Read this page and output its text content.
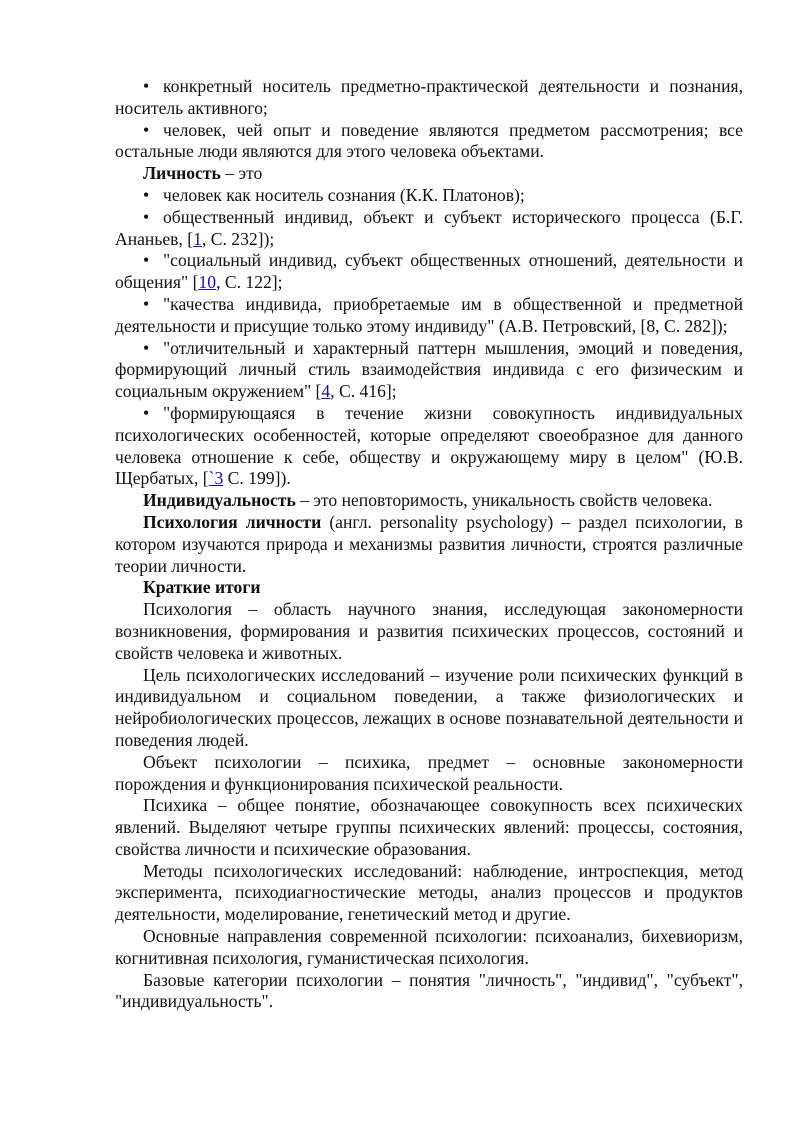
• конкретный носитель предметно-практической деятельности и познания, носитель активного;

• человек, чей опыт и поведение являются предметом рассмотрения; все остальные люди являются для этого человека объектами.

Личность – это

• человек как носитель сознания (К.К. Платонов);

• общественный индивид, объект и субъект исторического процесса (Б.Г. Ананьев, [1, С. 232]);

• "социальный индивид, субъект общественных отношений, деятельности и общения" [10, С. 122];

• "качества индивида, приобретаемые им в общественной и предметной деятельности и присущие только этому индивиду" (А.В. Петровский, [8, С. 282]);

• "отличительный и характерный паттерн мышления, эмоций и поведения, формирующий личный стиль взаимодействия индивида с его физическим и социальным окружением" [4, С. 416];

• "формирующаяся в течение жизни совокупность индивидуальных психологических особенностей, которые определяют своеобразное для данного человека отношение к себе, обществу и окружающему миру в целом" (Ю.В. Щербатых, [`3 С. 199]).

Индивидуальность – это неповторимость, уникальность свойств человека.

Психология личности (англ. personality psychology) – раздел психологии, в котором изучаются природа и механизмы развития личности, строятся различные теории личности.

Краткие итоги

Психология – область научного знания, исследующая закономерности возникновения, формирования и развития психических процессов, состояний и свойств человека и животных.

Цель психологических исследований – изучение роли психических функций в индивидуальном и социальном поведении, а также физиологических и нейробиологических процессов, лежащих в основе познавательной деятельности и поведения людей.

Объект психологии – психика, предмет – основные закономерности порождения и функционирования психической реальности.

Психика – общее понятие, обозначающее совокупность всех психических явлений. Выделяют четыре группы психических явлений: процессы, состояния, свойства личности и психические образования.

Методы психологических исследований: наблюдение, интроспекция, метод эксперимента, психодиагностические методы, анализ процессов и продуктов деятельности, моделирование, генетический метод и другие.

Основные направления современной психологии: психоанализ, бихевиоризм, когнитивная психология, гуманистическая психология.

Базовые категории психологии – понятия "личность", "индивид", "субъект", "индивидуальность".
